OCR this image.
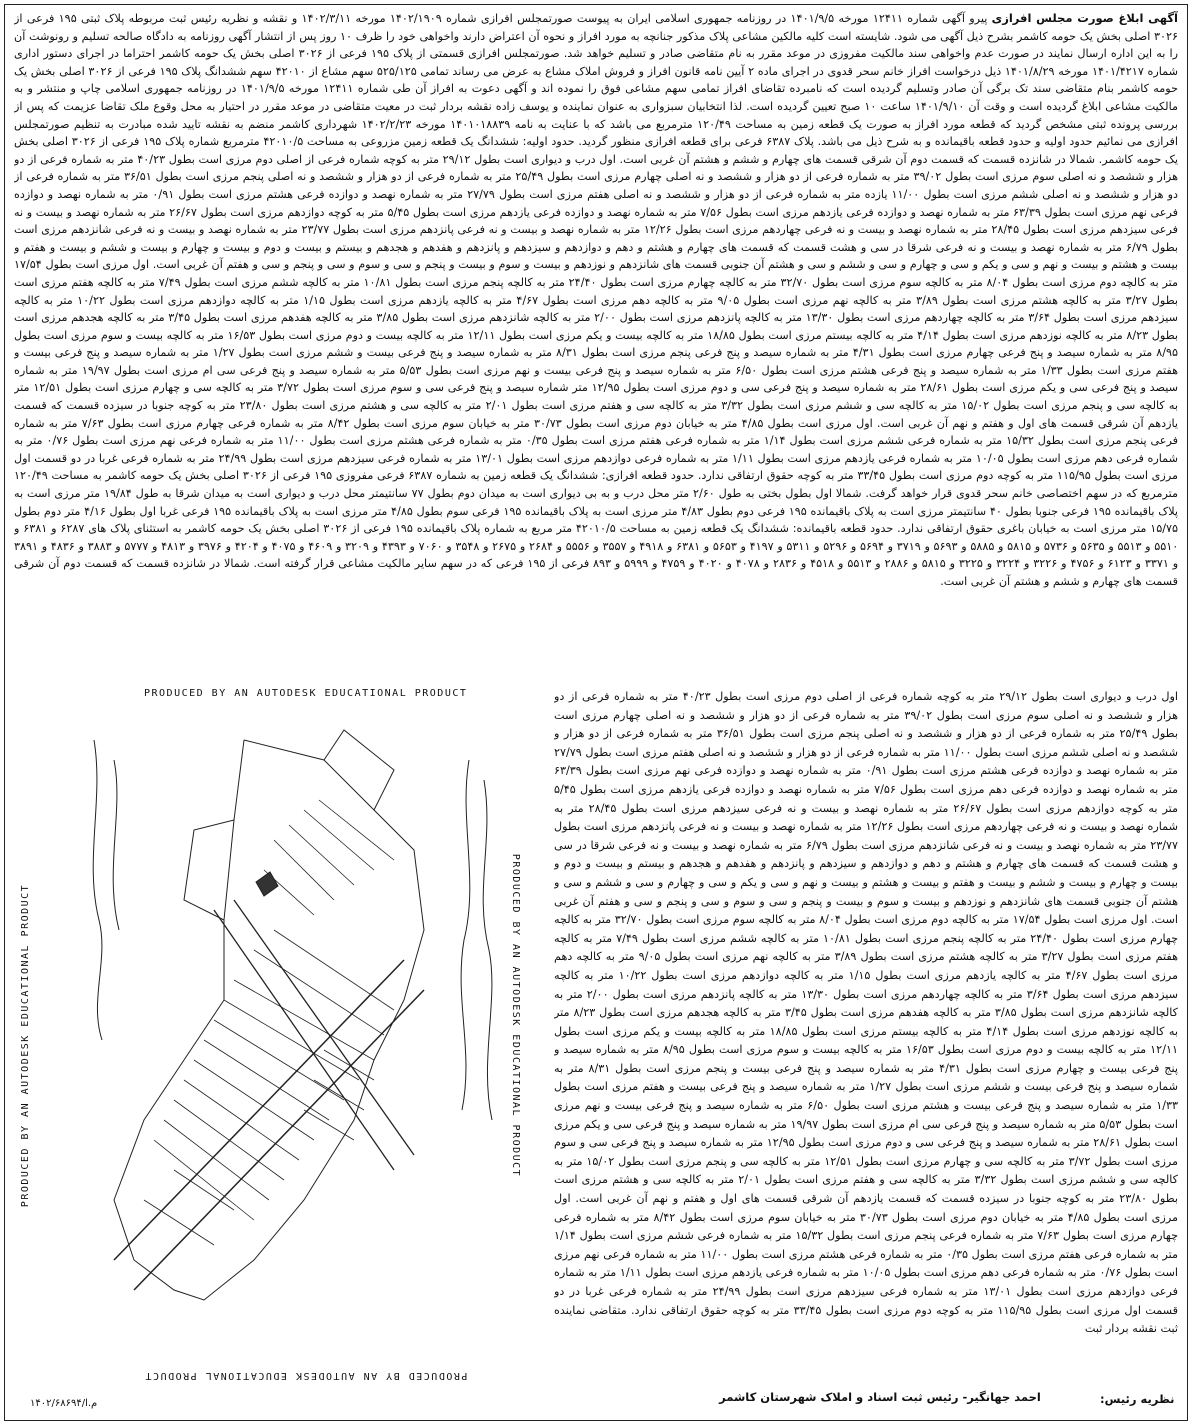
آگهی ابلاغ صورت مجلس افرازی پیرو آگهی شماره ۱۲۴۱۱ مورخه ۱۴۰۱/۹/۵ در روزنامه جمهوری اسلامی ایران به پیوست صورتمجلس افرازی شماره ۱۴۰۲/۱۹۰۹ مورخه ۱۴۰۲/۳/۱۱ و نقشه و نظریه رئیس ثبت مربوطه پلاک ثبتی ۱۹۵ فرعی از ۳۰۲۶ اصلی بخش یک حومه کاشمر بشرح ذیل آگهی می شود. شایسته است کلیه مالکین مشاعی پلاک مذکور جنانچه به مورد افراز و نحوه آن اعتراض دارند واخواهی خود را ظرف ۱۰ روز پس از انتشار آگهی روزنامه به دادگاه صالحه تسلیم و رونوشت آن را به این اداره ارسال نمایند در صورت عدم واخواهی سند مالکیت مفروزی در موعد مقرر به نام متقاضی صادر و تسلیم خواهد شد. صورتمجلس افرازی قسمتی از پلاک ۱۹۵ فرعی از ۳۰۲۶ اصلی بخش یک حومه کاشمر احتراما در اجرای دستور اداری شماره ۱۴۰۱/۴۲۱۷ مورخه ۱۴۰۱/۸/۲۹ ذیل درخواست افراز خانم سحر قدوی در اجرای ماده ۲ آیین نامه قانون افراز و فروش املاک مشاع به عرض می رساند تمامی ۵۲۵/۱۲۵ سهم مشاع از ۴۲۰۱۰ سهم ششدانگ پلاک ۱۹۵ فرعی از ۳۰۲۶ اصلی بخش یک حومه کاشمر بنام متقاضی سند تک برگی آن صادر وتسلیم گردیده است که نامبرده تقاضای افراز تمامی سهم مشاعی فوق را نموده اند و آگهی دعوت به افراز آن طی شماره ۱۲۴۱۱ مورخه ۱۴۰۱/۹/۵ در روزنامه جمهوری اسلامی چاپ و منتشر و به مالکیت مشاعی ابلاغ گردیده است و وقت آن ۱۴۰۱/۹/۱۰ ساعت ۱۰ صبح تعیین گردیده است. لذا انتخابیان سبزواری به عنوان نماینده و یوسف زاده نقشه بردار ثبت در معیت متقاضی در موعد مقرر در احتیار به محل وقوع ملک تقاضا عزیمت که پس از بررسی پرونده ثبتی مشخص گردید که قطعه مورد افراز به صورت یک قطعه زمین به مساحت ۱۲۰/۴۹ مترمربع می باشد که با عنایت به نامه ۱۴۰۱۰۱۸۸۳۹ مورخه ۱۴۰۲/۲/۲۳ شهرداری کاشمر منضم به نقشه تایید شده مبادرت به تنظیم صورتمجلس افرازی می نمائیم حدود اولیه و حدود قطعه باقیمانده و به شرح ذیل می باشد. پلاک ۶۳۸۷ فرعی برای قطعه افرازی منظور گردید. حدود اولیه: ششدانگ یک قطعه زمین مزروعی به مساحت ۴۲۰۱۰/۵ مترمربع شماره پلاک ۱۹۵ فرعی از ۳۰۲۶ اصلی بخش یک حومه کاشمر. شمالا در شانزده قسمت که قسمت دوم آن شرقی قسمت های چهارم و ششم و هشتم آن غربی است. اول درب و دیواری است بطول ۲۹/۱۲ متر به کوچه شماره فرعی از اصلی دوم مرزی است بطول ۴۰/۲۳ متر به شماره فرعی از دو هزار و ششصد و نه اصلی سوم مرزی است بطول ۳۹/۰۲ متر به شماره فرعی از دو هزار و ششصد و نه اصلی چهارم مرزی است بطول ۲۵/۴۹ متر به شماره فرعی از دو هزار و ششصد و نه اصلی پنجم مرزی است بطول ۳۶/۵۱ متر به شماره فرعی از دو هزار و ششصد و نه اصلی ششم مرزی است بطول ۱۱/۰۰ یازده متر به شماره فرعی از دو هزار و ششصد و نه اصلی هفتم مرزی است بطول ۲۷/۷۹ متر به شماره نهصد و دوازده فرعی هشتم مرزی است بطول ۰/۹۱ متر به شماره نهصد و دوازده فرعی نهم مرزی است بطول ۶۳/۳۹ متر به شماره نهصد و دوازده فرعی یازدهم مرزی است بطول ۷/۵۶ متر به شماره نهصد و دوازده فرعی یازدهم مرزی است بطول ۵/۴۵ متر به کوچه دوازدهم مرزی است بطول ۲۶/۶۷ متر به شماره نهصد و بیست و نه فرعی سیزدهم مرزی است بطول ۲۸/۴۵ متر به شماره نهصد و بیست و نه فرعی چهاردهم مرزی است بطول ۱۲/۲۶ متر به شماره نهصد و بیست و نه فرعی پانزدهم مرزی است بطول ۲۳/۷۷ متر به شماره نهصد و بیست و نه فرعی شانزدهم مرزی است بطول ۶/۷۹ متر به شماره نهصد و بیست و نه فرعی شرقا در سی و هشت قسمت که قسمت های چهارم و هشتم و دهم و دوازدهم و سیزدهم و پانزدهم و هفدهم و هجدهم و بیستم و بیست و دوم و بیست و چهارم و بیست و ششم و بیست و هفتم و بیست و هشتم و بیست و نهم و سی و یکم و سی و چهارم و سی و ششم و سی و هشتم آن جنوبی قسمت های شانزدهم و نوزدهم و بیست و سوم و بیست و پنجم و سی و سوم و سی و پنجم و سی و هفتم آن غربی است. اول مرزی است بطول ۱۷/۵۴ متر به کالچه دوم مرزی است بطول ۸/۰۴ متر به کالچه سوم مرزی است بطول ۳۲/۷۰ متر به کالچه چهارم مرزی است بطول ۲۴/۴۰ متر به کالچه پنجم مرزی است بطول ۱۰/۸۱ متر به کالچه ششم مرزی است بطول ۷/۴۹ متر به کالچه هفتم مرزی است بطول ۳/۲۷ متر به کالچه هشتم مرزی است بطول ۳/۸۹ متر به کالچه نهم مرزی است بطول ۹/۰۵ متر به کالچه دهم مرزی است بطول ۴/۶۷ متر به کالچه یازدهم مرزی است بطول ۱/۱۵ متر به کالچه دوازدهم مرزی است بطول ۱۰/۲۲ متر به کالچه سیزدهم مرزی است بطول ۳/۶۴ متر به کالچه چهاردهم مرزی است بطول ۱۳/۳۰ متر به کالچه پانزدهم مرزی است بطول ۲/۰۰ متر به کالچه شانزدهم مرزی است بطول ۳/۸۵ متر به کالچه هفدهم مرزی است بطول ۳/۴۵ متر به کالچه هجدهم مرزی است بطول ۸/۲۳ متر به کالچه نوزدهم مرزی است بطول ۴/۱۴ متر به کالچه بیستم مرزی است بطول ۱۸/۸۵ متر به کالچه بیست و یکم مرزی است بطول ۱۲/۱۱ متر به کالچه بیست و دوم مرزی است بطول ۱۶/۵۳ متر به کالچه بیست و سوم مرزی است بطول ۸/۹۵ متر به شماره سیصد و پنج فرعی چهارم مرزی است بطول ۴/۳۱ متر به شماره سیصد و پنج فرعی پنجم مرزی است بطول ۸/۳۱ متر به شماره سیصد و پنج فرعی بیست و ششم مرزی است بطول ۱/۲۷ متر به شماره سیصد و پنج فرعی بیست و هفتم مرزی است بطول ۱/۳۳ متر به شماره سیصد و پنج فرعی هشتم مرزی است بطول ۶/۵۰ متر به شماره سیصد و پنج فرعی بیست و نهم مرزی است بطول ۵/۵۳ متر به شماره سیصد و پنج فرعی سی ام مرزی است بطول ۱۹/۹۷ متر به شماره سیصد و پنج فرعی سی و یکم مرزی است بطول ۲۸/۶۱ متر به شماره سیصد و پنج فرعی سی و دوم مرزی است بطول ۱۲/۹۵ متر شماره سیصد و پنج فرعی سی و سوم مرزی است بطول ۳/۷۲ متر به کالچه سی و چهارم مرزی است بطول ۱۲/۵۱ متر به کالچه سی و پنجم مرزی است بطول ۱۵/۰۲ متر به کالچه سی و ششم مرزی است بطول ۳/۳۲ متر به کالچه سی و هفتم مرزی است بطول ۲/۰۱ متر به کالچه سی و هشتم مرزی است بطول ۲۳/۸۰ متر به کوچه جنوبا در سیزده قسمت که قسمت یازدهم آن شرقی قسمت های اول و هفتم و نهم آن غربی است. اول مرزی است بطول ۴/۸۵ متر به خیابان دوم مرزی است بطول ۳۰/۷۳ متر به خیابان سوم مرزی است بطول ۸/۴۲ متر به شماره فرعی چهارم مرزی است بطول ۷/۶۳ متر به شماره فرعی پنجم مرزی است بطول ۱۵/۳۲ متر به شماره فرعی ششم مرزی است بطول ۱/۱۴ متر به شماره فرعی هفتم مرزی است بطول ۰/۳۵ متر به شماره فرعی هشتم مرزی است بطول ۱۱/۰۰ متر به شماره فرعی نهم مرزی است بطول ۰/۷۶ متر به شماره فرعی دهم مرزی است بطول ۱۰/۰۵ متر به شماره فرعی یازدهم مرزی است بطول ۱/۱۱ متر به شماره فرعی دوازدهم مرزی است بطول ۱۳/۰۱ متر به شماره فرعی سیزدهم مرزی است بطول ۲۴/۹۹ متر به شماره فرعی غربا در دو قسمت اول مرزی است بطول ۱۱۵/۹۵ متر به کوچه دوم مرزی است بطول ۳۳/۴۵ متر به کوچه حقوق ارتفاقی ندارد. حدود قطعه افرازی: ششدانگ یک قطعه زمین به شماره ۶۳۸۷ فرعی مفروزی ۱۹۵ فرعی از ۳۰۲۶ اصلی بخش یک حومه کاشمر به مساحت ۱۲۰/۴۹ مترمربع که در سهم اختصاصی خانم سحر قدوی قرار خواهد گرفت. شمالا اول بطول بختی به طول ۲/۶۰ متر محل درب و به بی دیواری است به میدان دوم بطول ۷۷ سانتیمتر محل درب و دیواری است به میدان شرقا به طول ۱۹/۸۴ متر مرزی است به پلاک باقیمانده ۱۹۵ فرعی جنوبا بطول ۴۰ سانتیمتر مرزی است به پلاک باقیمانده ۱۹۵ فرعی دوم بطول ۴/۸۳ متر مرزی است به پلاک باقیمانده ۱۹۵ فرعی سوم بطول ۴/۸۵ متر مرزی است به پلاک باقیمانده ۱۹۵ فرعی غربا اول بطول ۴/۱۶ متر دوم بطول ۱۵/۷۵ متر مرزی است به خیابان باغری حقوق ارتفاقی ندارد. حدود قطعه باقیمانده: ششدانگ یک قطعه زمین به مساحت ۴۲۰۱۰/۵ متر مربع به شماره پلاک باقیمانده ۱۹۵ فرعی از ۳۰۲۶ اصلی بخش یک حومه کاشمر به استثنای پلاک های ۶۲۸۷ و ۶۳۸۱ و ۵۵۱۰ و ۵۵۱۳ و ۵۶۳۵ و ۵۷۳۶ و ۵۸۱۵ و ۵۸۸۵ و ۵۶۹۳ و ۳۷۱۹ و ۵۶۹۴ و ۵۲۹۶ و ۵۳۱۱ و ۴۱۹۷ و ۵۶۵۳ و ۶۳۸۱ و ۴۹۱۸ و ۳۵۵۷ و ۵۵۵۶ و ۲۶۸۴ و ۲۶۷۵ و ۳۵۴۸ و ۷۰۶۰ و ۴۳۹۳ و ۳۲۰۹ و ۴۶۰۹ و ۴۰۷۵ و ۴۲۰۴ و ۳۹۷۶ و ۴۸۱۳ و ۵۷۷۷ و ۳۸۸۳ و ۴۸۳۶ و ۳۸۹۱ و ۳۳۷۱ و ۶۱۲۳ و ۴۷۵۶ و ۳۲۲۶ و ۳۲۲۴ و ۳۲۲۵ و ۵۸۱۵ و ۲۸۸۶ و ۵۵۱۳ و ۴۵۱۸ و ۲۸۳۶ و ۴۰۷۸ و ۴۰۲۰ و ۴۷۵۹ و ۵۹۹۹ و ۸۹۳ فرعی از ۱۹۵ فرعی که در سهم سایر مالکیت مشاعی قرار گرفته است. شمالا در شانزده قسمت که قسمت دوم آن شرقی قسمت های چهارم و ششم و هشتم آن غربی است.
PRODUCED BY AN AUTODESK EDUCATIONAL PRODUCT
PRODUCED BY AN AUTODESK EDUCATIONAL PRODUCT
PRODUCED BY AN AUTODESK EDUCATIONAL PRODUCT	PRODUCED BY AN AUTODESK EDUCATIONAL PRODUCT
اول درب و دیواری است بطول ۲۹/۱۲ متر به کوچه شماره فرعی از اصلی دوم مرزی است بطول ۴۰/۲۳ متر به شماره فرعی از دو هزار و ششصد و نه اصلی سوم مرزی است بطول ۳۹/۰۲ متر به شماره فرعی از دو هزار و ششصد و نه اصلی چهارم مرزی است بطول ۲۵/۴۹ متر به شماره فرعی از دو هزار و ششصد و نه اصلی پنجم مرزی است بطول ۳۶/۵۱ متر به شماره فرعی از دو هزار و ششصد و نه اصلی ششم مرزی است بطول ۱۱/۰۰ متر به شماره فرعی از دو هزار و ششصد و نه اصلی هفتم مرزی است بطول ۲۷/۷۹ متر به شماره نهصد و دوازده فرعی هشتم مرزی است بطول ۰/۹۱ متر به شماره نهصد و دوازده فرعی نهم مرزی است بطول ۶۳/۳۹ متر به شماره نهصد و دوازده فرعی دهم مرزی است بطول ۷/۵۶ متر به شماره نهصد و دوازده فرعی یازدهم مرزی است بطول ۵/۴۵ متر به کوچه دوازدهم مرزی است بطول ۲۶/۶۷ متر به شماره نهصد و بیست و نه فرعی سیزدهم مرزی است بطول ۲۸/۴۵ متر به شماره نهصد و بیست و نه فرعی چهاردهم مرزی است بطول ۱۲/۲۶ متر به شماره نهصد و بیست و نه فرعی پانزدهم مرزی است بطول ۲۳/۷۷ متر به شماره نهصد و بیست و نه فرعی شانزدهم مرزی است بطول ۶/۷۹ متر به شماره نهصد و بیست و نه فرعی شرقا در سی و هشت قسمت که قسمت های چهارم و هشتم و دهم و دوازدهم و سیزدهم و پانزدهم و هفدهم و هجدهم و بیستم و بیست و دوم و بیست و چهارم و بیست و ششم و بیست و هفتم و بیست و هشتم و بیست و نهم و سی و یکم و سی و چهارم و سی و ششم و سی و هشتم آن جنوبی قسمت های شانزدهم و نوزدهم و بیست و سوم و بیست و پنجم و سی و سوم و سی و پنجم و سی و هفتم آن غربی است. اول مرزی است بطول ۱۷/۵۴ متر به کالچه دوم مرزی است بطول ۸/۰۴ متر به کالچه سوم مرزی است بطول ۳۲/۷۰ متر به کالچه چهارم مرزی است بطول ۲۴/۴۰ متر به کالچه پنجم مرزی است بطول ۱۰/۸۱ متر به کالچه ششم مرزی است بطول ۷/۴۹ متر به کالچه هفتم مرزی است بطول ۳/۲۷ متر به کالچه هشتم مرزی است بطول ۳/۸۹ متر به کالچه نهم مرزی است بطول ۹/۰۵ متر به کالچه دهم مرزی است بطول ۴/۶۷ متر به کالچه یازدهم مرزی است بطول ۱/۱۵ متر به کالچه دوازدهم مرزی است بطول ۱۰/۲۲ متر به کالچه سیزدهم مرزی است بطول ۳/۶۴ متر به کالچه چهاردهم مرزی است بطول ۱۳/۳۰ متر به کالچه پانزدهم مرزی است بطول ۲/۰۰ متر به کالچه شانزدهم مرزی است بطول ۳/۸۵ متر به کالچه هفدهم مرزی است بطول ۳/۴۵ متر به کالچه هجدهم مرزی است بطول ۸/۲۳ متر به کالچه نوزدهم مرزی است بطول ۴/۱۴ متر به کالچه بیستم مرزی است بطول ۱۸/۸۵ متر به کالچه بیست و یکم مرزی است بطول ۱۲/۱۱ متر به کالچه بیست و دوم مرزی است بطول ۱۶/۵۳ متر به کالچه بیست و سوم مرزی است بطول ۸/۹۵ متر به شماره سیصد و پنج فرعی بیست و چهارم مرزی است بطول ۴/۳۱ متر به شماره سیصد و پنج فرعی بیست و پنجم مرزی است بطول ۸/۳۱ متر به شماره سیصد و پنج فرعی بیست و ششم مرزی است بطول ۱/۲۷ متر به شماره سیصد و پنج فرعی بیست و هفتم مرزی است بطول ۱/۳۳ متر به شماره سیصد و پنج فرعی بیست و هشتم مرزی است بطول ۶/۵۰ متر به شماره سیصد و پنج فرعی بیست و نهم مرزی است بطول ۵/۵۳ متر به شماره سیصد و پنج فرعی سی ام مرزی است بطول ۱۹/۹۷ متر به شماره سیصد و پنج فرعی سی و یکم مرزی است بطول ۲۸/۶۱ متر به شماره سیصد و پنج فرعی سی و دوم مرزی است بطول ۱۲/۹۵ متر به شماره سیصد و پنج فرعی سی و سوم مرزی است بطول ۳/۷۲ متر به کالچه سی و چهارم مرزی است بطول ۱۲/۵۱ متر به کالچه سی و پنجم مرزی است بطول ۱۵/۰۲ متر به کالچه سی و ششم مرزی است بطول ۳/۳۲ متر به کالچه سی و هفتم مرزی است بطول ۲/۰۱ متر به کالچه سی و هشتم مرزی است بطول ۲۳/۸۰ متر به کوچه جنوبا در سیزده قسمت که قسمت یازدهم آن شرقی قسمت های اول و هفتم و نهم آن غربی است. اول مرزی است بطول ۴/۸۵ متر به خیابان دوم مرزی است بطول ۳۰/۷۳ متر به خیابان سوم مرزی است بطول ۸/۴۲ متر به شماره فرعی چهارم مرزی است بطول ۷/۶۳ متر به شماره فرعی پنجم مرزی است بطول ۱۵/۳۲ متر به شماره فرعی ششم مرزی است بطول ۱/۱۴ متر به شماره فرعی هفتم مرزی است بطول ۰/۳۵ متر به شماره فرعی هشتم مرزی است بطول ۱۱/۰۰ متر به شماره فرعی نهم مرزی است بطول ۰/۷۶ متر به شماره فرعی دهم مرزی است بطول ۱۰/۰۵ متر به شماره فرعی یازدهم مرزی است بطول ۱/۱۱ متر به شماره فرعی دوازدهم مرزی است بطول ۱۳/۰۱ متر به شماره فرعی سیزدهم مرزی است بطول ۲۴/۹۹ متر به شماره فرعی غربا در دو قسمت اول مرزی است بطول ۱۱۵/۹۵ متر به کوچه دوم مرزی است بطول ۳۳/۴۵ متر به کوچه حقوق ارتفاقی ندارد. متقاضی نماینده ثبت نقشه بردار ثبت
نظریه رئیس:
احمد جهانگیر- رئیس ثبت اسناد و املاک شهرستان کاشمر
م.ا/۱۴۰۲/۶۸۶۹۴
